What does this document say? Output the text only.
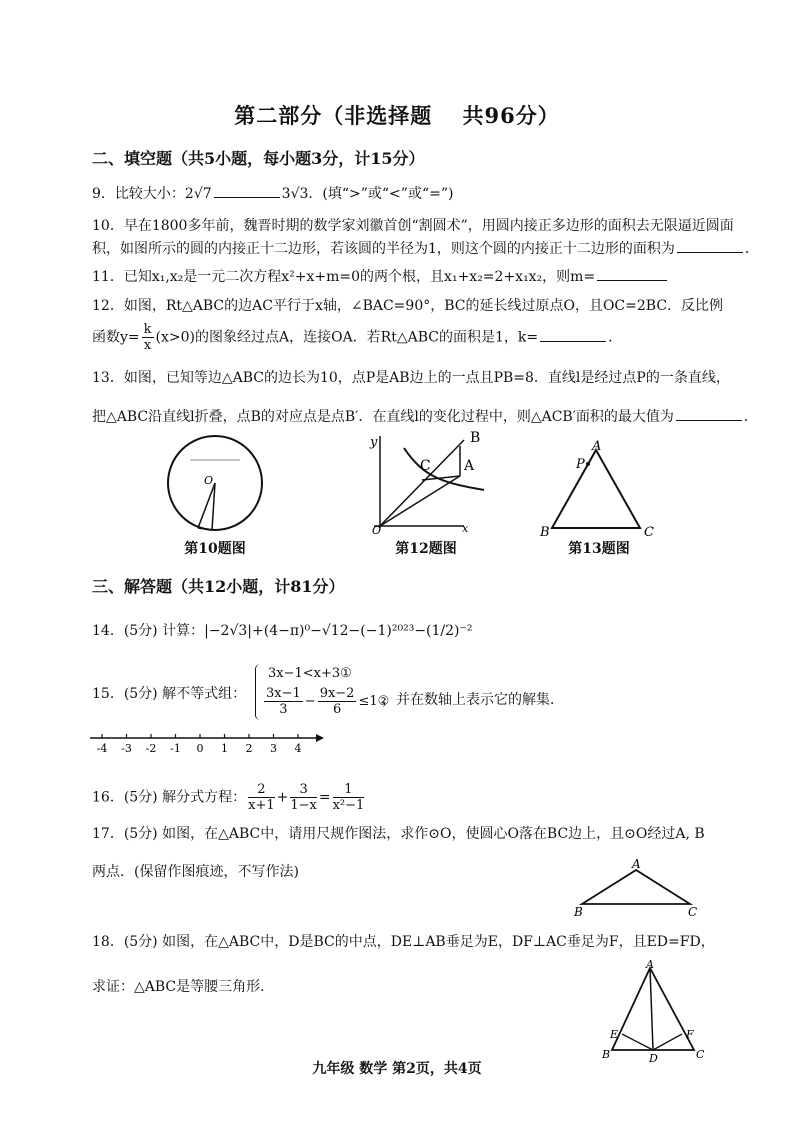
第二部分（非选择题　 共96分）
二、填空题（共5小题，每小题3分，计15分）
9．比较大小：2√7	3√3．(填“>”或“<”或“=”)
10．早在1800多年前，魏晋时期的数学家刘徽首创“割圆术”，用圆内接正多边形的面积去无限逼近圆面
积，如图所示的圆的内接正十二边形，若该圆的半径为1，则这个圆的内接正十二边形的面积为	．
11．已知x₁,x₂是一元二次方程x²+x+m=0的两个根，且x₁+x₂=2+x₁x₂，则m=
12．如图，Rt△ABC的边AC平行于x轴，∠BAC=90°，BC的延长线过原点O，且OC=2BC．反比例
函数$y= \frac{k}{x} (x>0)$的图象经过点A，连接OA．若Rt△ABC的面积是1，k=	．
13．如图，已知等边△ABC的边长为10，点P是AB边上的一点且PB=8．直线l是经过点P的一条直线，
把△ABC沿直线l折叠，点B的对应点是点B′．在直线l的变化过程中，则△ACB′面积的最大值为	．
O
第10题图
y	B
C A
O	x
第12题图
A
P
B	C
第13题图
三、解答题（共12小题，计81分）
14．(5分) 计算：|−2√3|+(4−π)⁰−√12−(−1)²⁰²³−(1/2)⁻²
15．(5分) 解不等式组：
3x−1<x+3①
$\frac{3x-1}{3} - \frac{9x-2}{6}$ ≤1②
，并在数轴上表示它的解集．
-4 -3 -2 -1 0 1 2 3 4
16．(5分) 解分式方程： $\frac{2}{x+1} + \frac{3}{1-x} = \frac{1}{\text{x²−1}}$
17．(5分) 如图，在△ABC中，请用尺规作图法，求作⊙O，使圆心O落在BC边上，且⊙O经过A, B
两点．(保留作图痕迹，不写作法)	A
B	C
18．(5分) 如图，在△ABC中，D是BC的中点，DE⊥AB垂足为E，DF⊥AC垂足为F，且ED=FD，
求证：△ABC是等腰三角形．
A
E	F
B	D	C
九年级 数学 第2页，共4页
